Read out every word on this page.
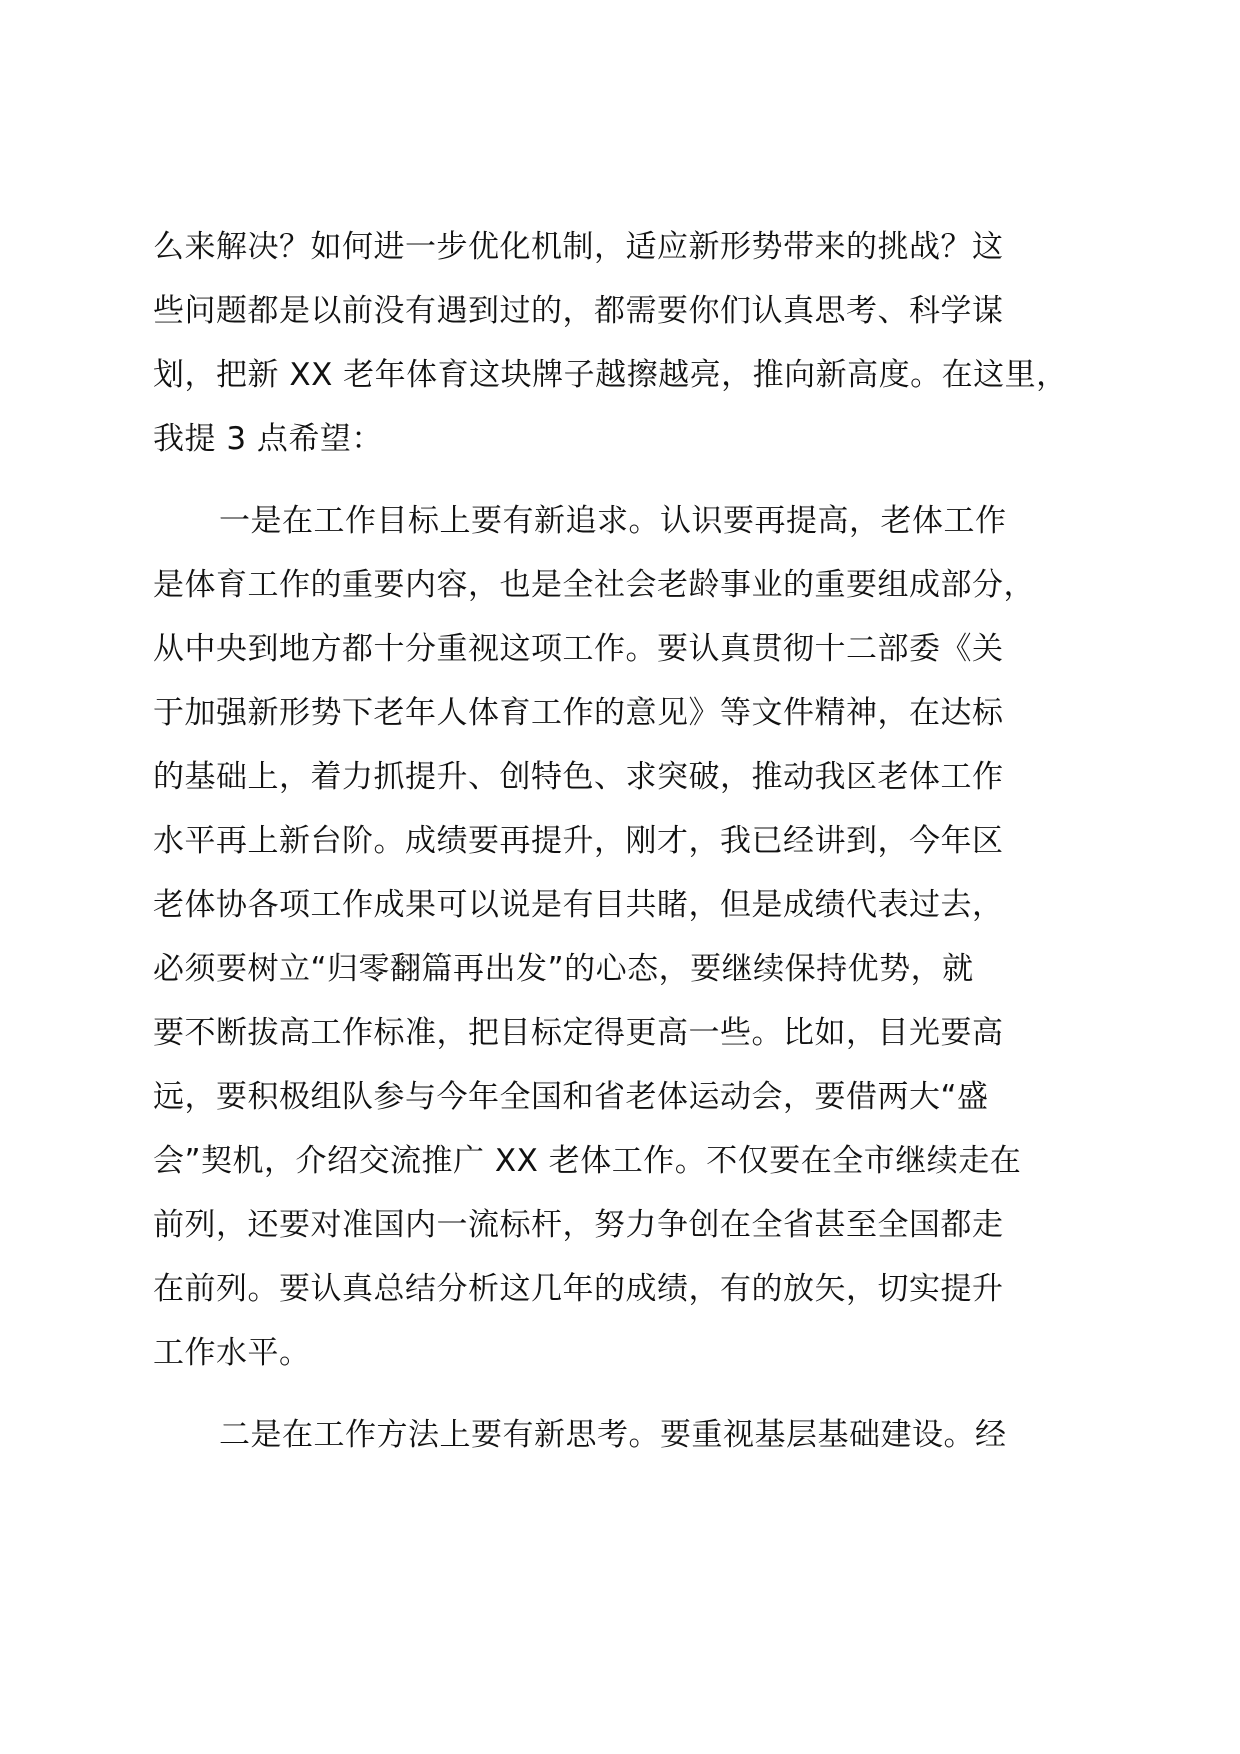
么来解决？如何进一步优化机制，适应新形势带来的挑战？这
些问题都是以前没有遇到过的，都需要你们认真思考、科学谋
划，把新 XX 老年体育这块牌子越擦越亮，推向新高度。在这里，
我提 3 点希望：
一是在工作目标上要有新追求。认识要再提高，老体工作
是体育工作的重要内容，也是全社会老龄事业的重要组成部分，
从中央到地方都十分重视这项工作。要认真贯彻十二部委《关
于加强新形势下老年人体育工作的意见》等文件精神，在达标
的基础上，着力抓提升、创特色、求突破，推动我区老体工作
水平再上新台阶。成绩要再提升，刚才，我已经讲到，今年区
老体协各项工作成果可以说是有目共睹，但是成绩代表过去，
必须要树立“归零翻篇再出发”的心态，要继续保持优势，就
要不断拔高工作标准，把目标定得更高一些。比如，目光要高
远，要积极组队参与今年全国和省老体运动会，要借两大“盛
会”契机，介绍交流推广 XX 老体工作。不仅要在全市继续走在
前列，还要对准国内一流标杆，努力争创在全省甚至全国都走
在前列。要认真总结分析这几年的成绩，有的放矢，切实提升
工作水平。
二是在工作方法上要有新思考。要重视基层基础建设。经
